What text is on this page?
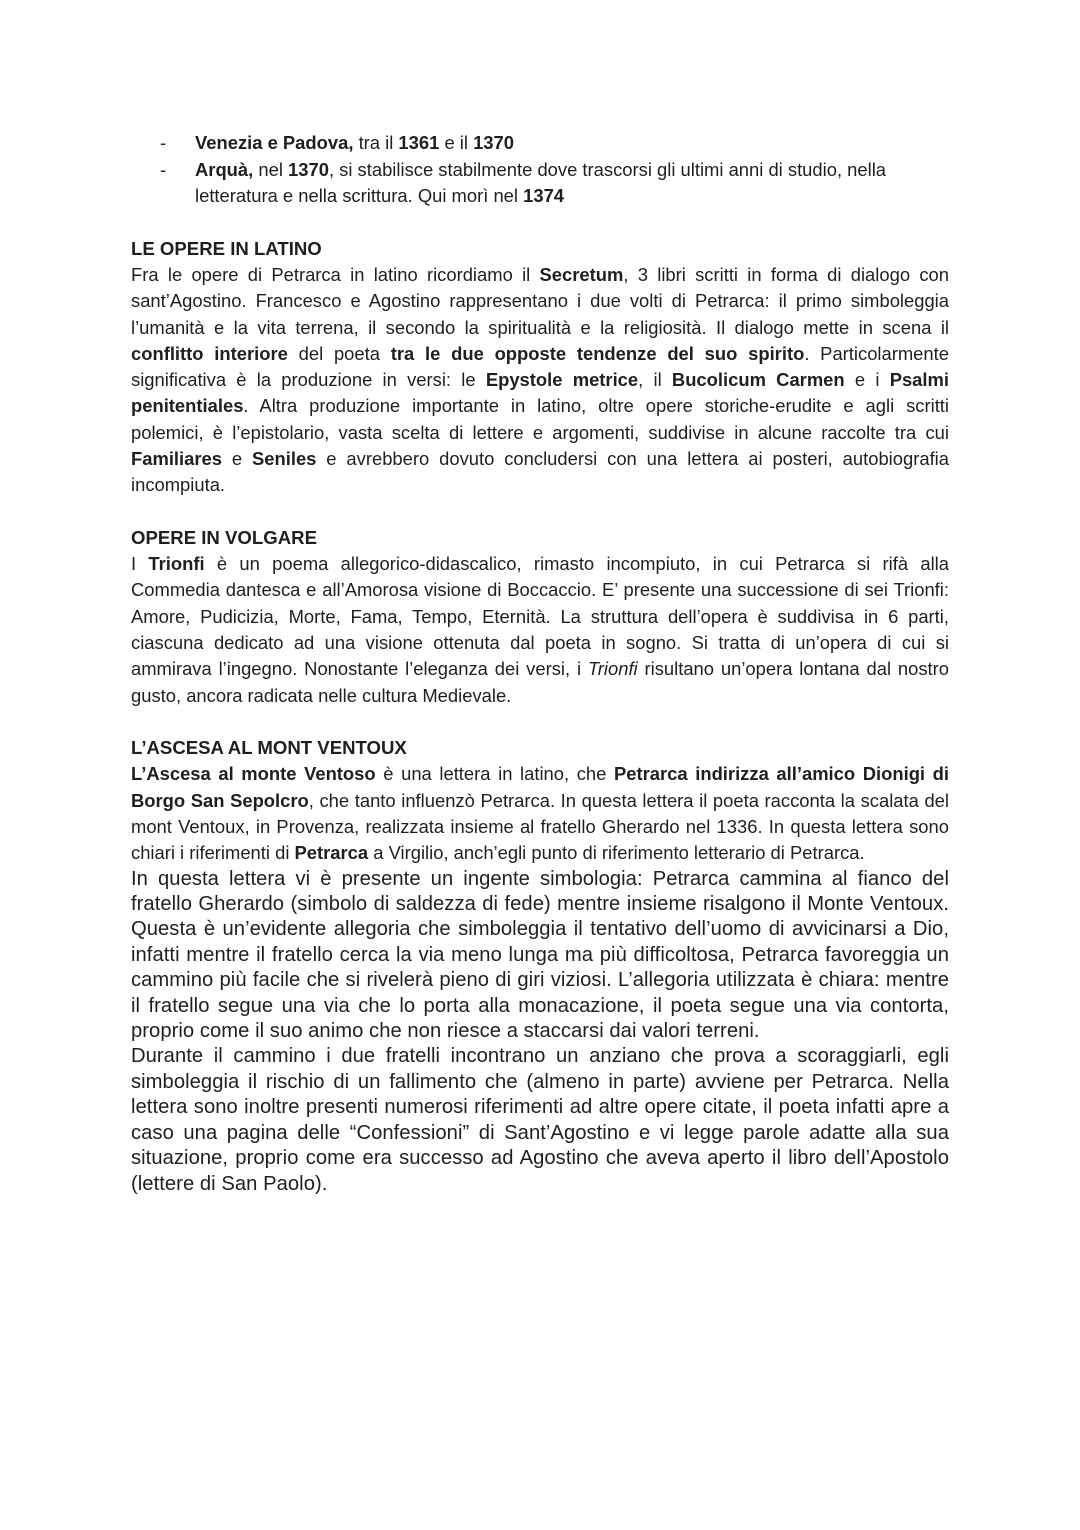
- Venezia e Padova, tra il 1361 e il 1370
- Arquà, nel 1370, si stabilisce stabilmente dove trascorsi gli ultimi anni di studio, nella letteratura e nella scrittura. Qui morì nel 1374
LE OPERE IN LATINO

Fra le opere di Petrarca in latino ricordiamo il Secretum, 3 libri scritti in forma di dialogo con sant’Agostino. Francesco e Agostino rappresentano i due volti di Petrarca: il primo simboleggia l’umanità e la vita terrena, il secondo la spiritualità e la religiosità. Il dialogo mette in scena il conflitto interiore del poeta tra le due opposte tendenze del suo spirito. Particolarmente significativa è la produzione in versi: le Epystole metrice, il Bucolicum Carmen e i Psalmi penitentiales. Altra produzione importante in latino, oltre opere storiche-erudite e agli scritti polemici, è l’epistolario, vasta scelta di lettere e argomenti, suddivise in alcune raccolte tra cui Familiares e Seniles e avrebbero dovuto concludersi con una lettera ai posteri, autobiografia incompiuta.

OPERE IN VOLGARE

I Trionfi è un poema allegorico-didascalico, rimasto incompiuto, in cui Petrarca si rifà alla Commedia dantesca e all’Amorosa visione di Boccaccio. E’ presente una successione di sei Trionfi: Amore, Pudicizia, Morte, Fama, Tempo, Eternità. La struttura dell’opera è suddivisa in 6 parti, ciascuna dedicato ad una visione ottenuta dal poeta in sogno. Si tratta di un’opera di cui si ammirava l’ingegno. Nonostante l’eleganza dei versi, i Trionfi risultano un’opera lontana dal nostro gusto, ancora radicata nelle cultura Medievale.

L’ASCESA AL MONT VENTOUX

L’Ascesa al monte Ventoso è una lettera in latino, che Petrarca indirizza all’amico Dionigi di Borgo San Sepolcro, che tanto influenzò Petrarca. In questa lettera il poeta racconta la scalata del mont Ventoux, in Provenza, realizzata insieme al fratello Gherardo nel 1336. In questa lettera sono chiari i riferimenti di Petrarca a Virgilio, anch’egli punto di riferimento letterario di Petrarca.

In questa lettera vi è presente un ingente simbologia: Petrarca cammina al fianco del fratello Gherardo (simbolo di saldezza di fede) mentre insieme risalgono il Monte Ventoux. Questa è un’evidente allegoria che simboleggia il tentativo dell’uomo di avvicinarsi a Dio, infatti mentre il fratello cerca la via meno lunga ma più difficoltosa, Petrarca favoreggia un cammino più facile che si rivelerà pieno di giri viziosi. L’allegoria utilizzata è chiara: mentre il fratello segue una via che lo porta alla monacazione, il poeta segue una via contorta, proprio come il suo animo che non riesce a staccarsi dai valori terreni.

Durante il cammino i due fratelli incontrano un anziano che prova a scoraggiarli, egli simboleggia il rischio di un fallimento che (almeno in parte) avviene per Petrarca. Nella lettera sono inoltre presenti numerosi riferimenti ad altre opere citate, il poeta infatti apre a caso una pagina delle “Confessioni” di Sant’Agostino e vi legge parole adatte alla sua situazione, proprio come era successo ad Agostino che aveva aperto il libro dell’Apostolo (lettere di San Paolo).
